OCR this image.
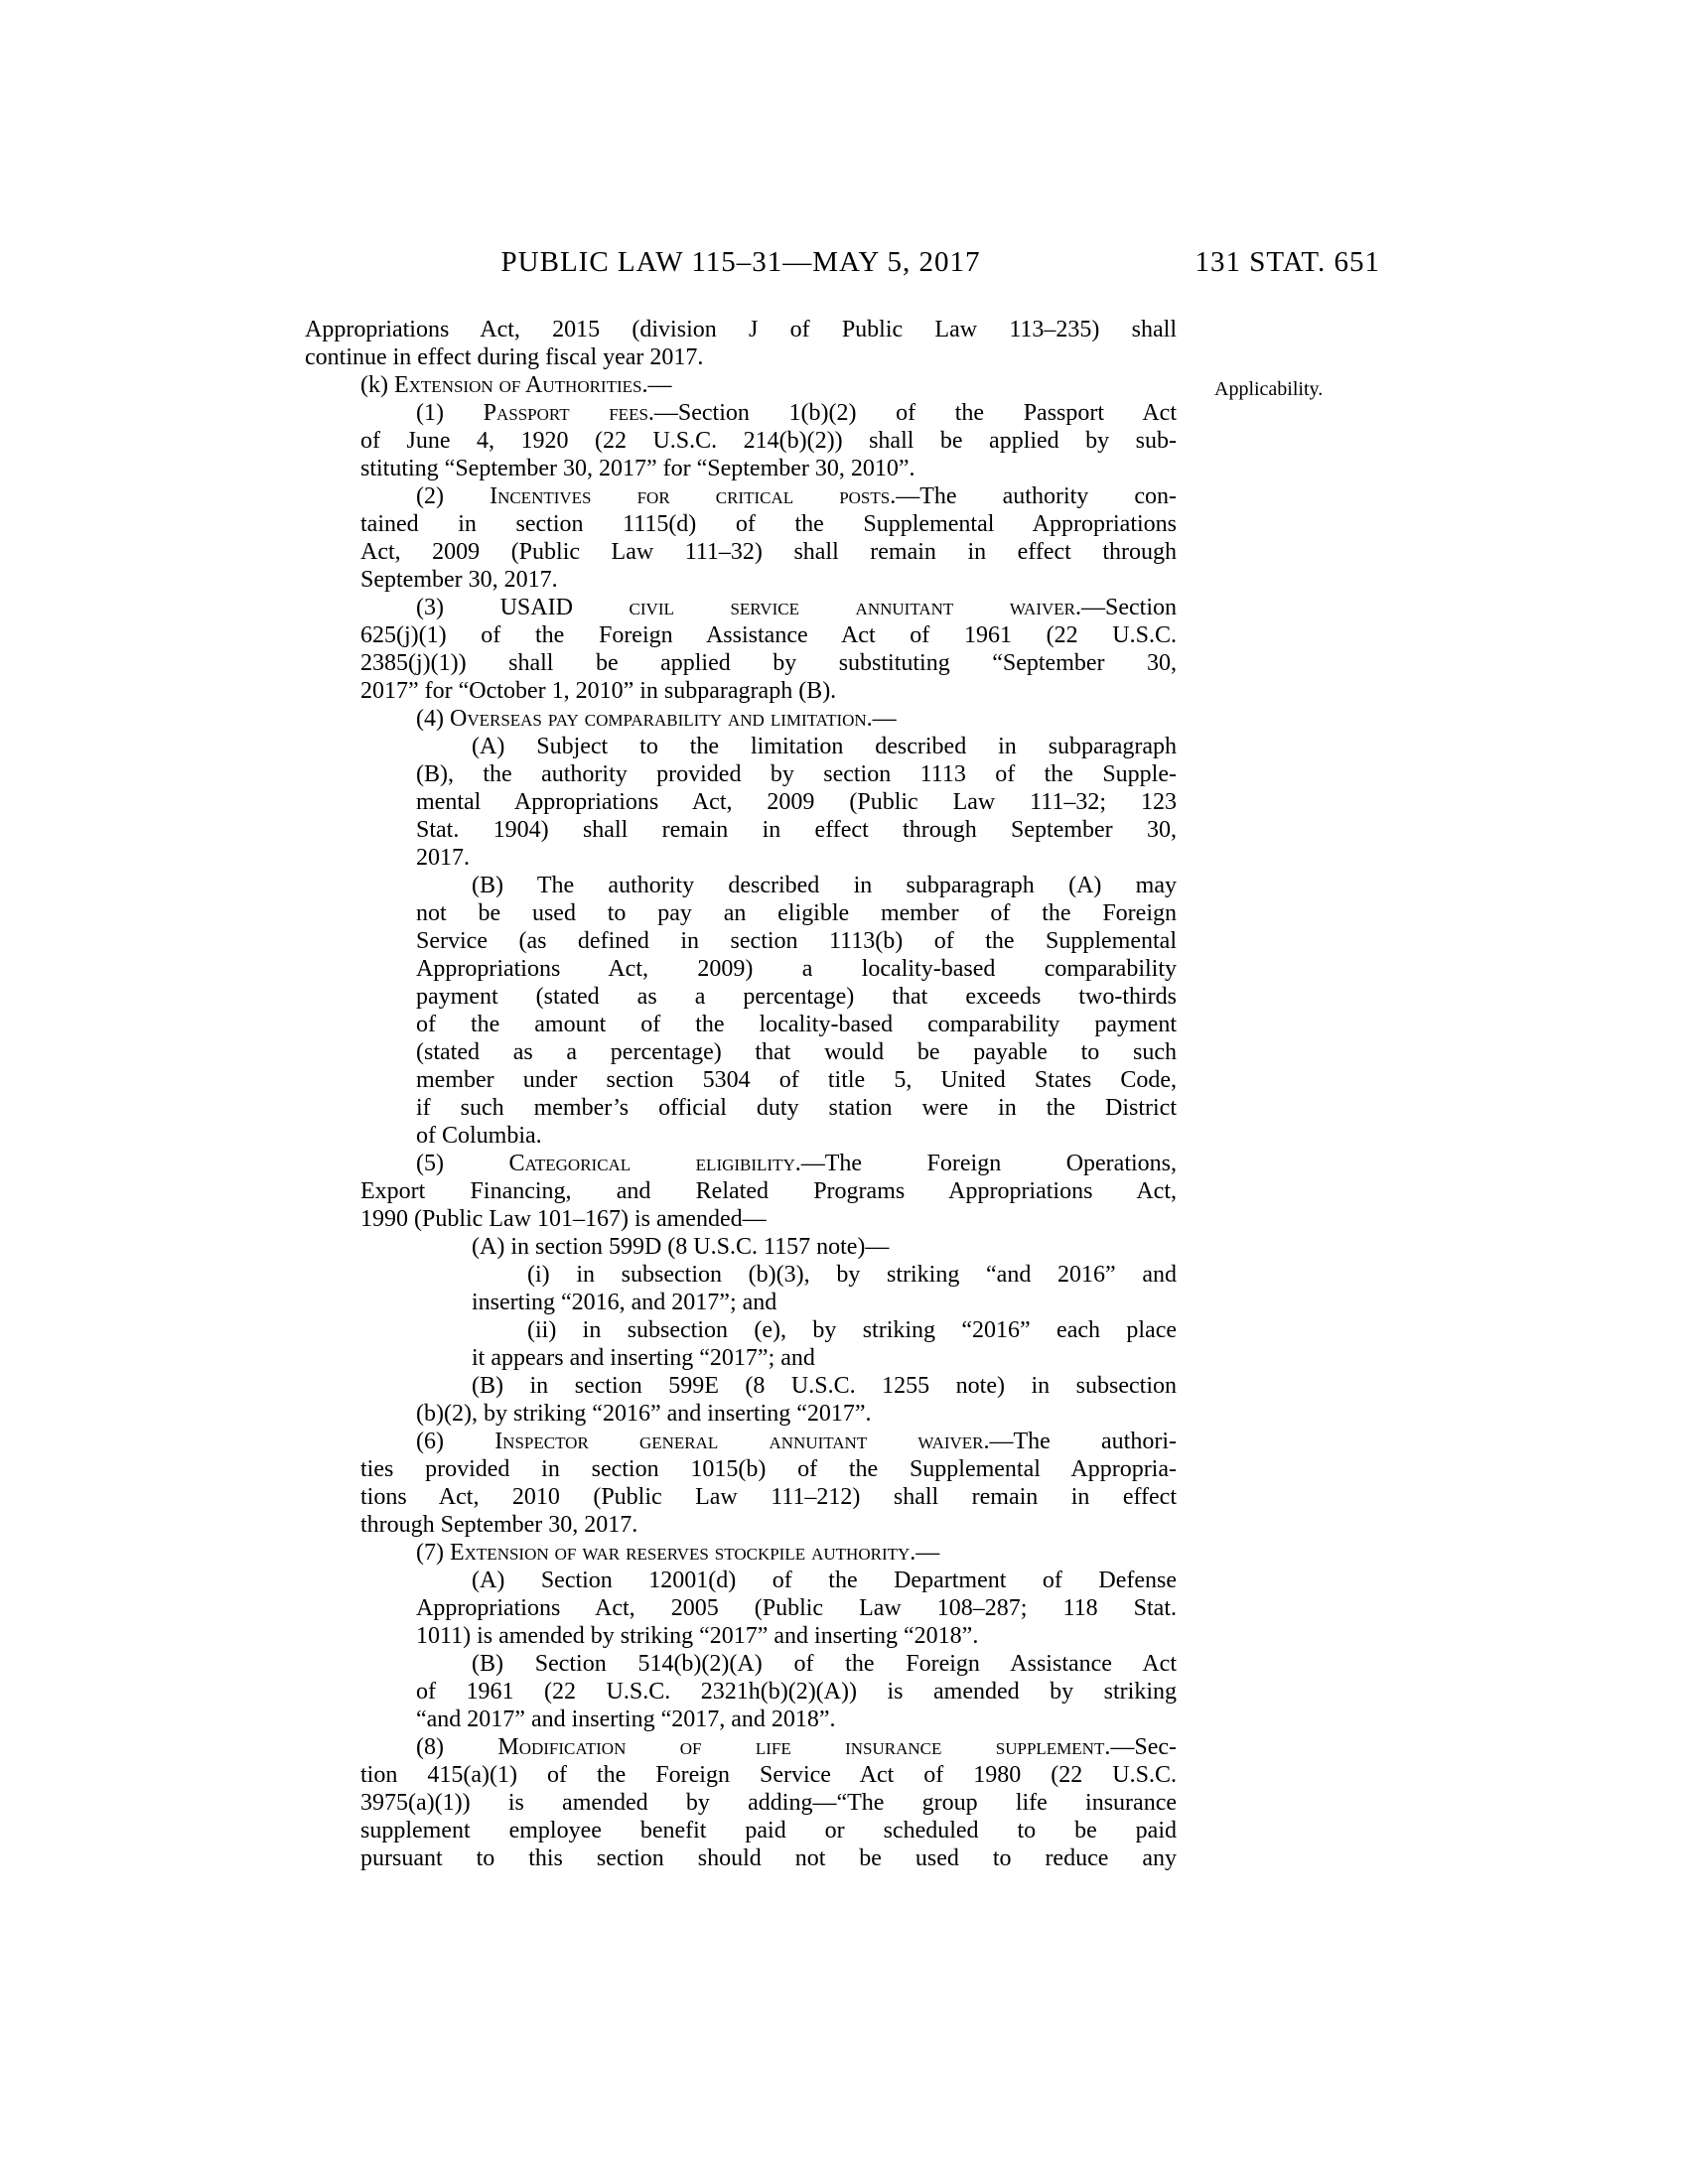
PUBLIC LAW 115–31—MAY 5, 2017	131 STAT. 651
Applicability.
Appropriations Act, 2015 (division J of Public Law 113–235) shall
continue in effect during fiscal year 2017.
(k) Extension of Authorities.—
(1) Passport fees.—Section 1(b)(2) of the Passport Act
of June 4, 1920 (22 U.S.C. 214(b)(2)) shall be applied by sub-
stituting “September 30, 2017” for “September 30, 2010”.
(2) Incentives for critical posts.—The authority con-
tained in section 1115(d) of the Supplemental Appropriations
Act, 2009 (Public Law 111–32) shall remain in effect through
September 30, 2017.
(3) USAID civil service annuitant waiver.—Section
625(j)(1) of the Foreign Assistance Act of 1961 (22 U.S.C.
2385(j)(1)) shall be applied by substituting “September 30,
2017” for “October 1, 2010” in subparagraph (B).
(4) Overseas pay comparability and limitation.—
(A) Subject to the limitation described in subparagraph
(B), the authority provided by section 1113 of the Supple-
mental Appropriations Act, 2009 (Public Law 111–32; 123
Stat. 1904) shall remain in effect through September 30,
2017.
(B) The authority described in subparagraph (A) may
not be used to pay an eligible member of the Foreign
Service (as defined in section 1113(b) of the Supplemental
Appropriations Act, 2009) a locality-based comparability
payment (stated as a percentage) that exceeds two-thirds
of the amount of the locality-based comparability payment
(stated as a percentage) that would be payable to such
member under section 5304 of title 5, United States Code,
if such member’s official duty station were in the District
of Columbia.
(5) Categorical eligibility.—The Foreign Operations,
Export Financing, and Related Programs Appropriations Act,
1990 (Public Law 101–167) is amended—
(A) in section 599D (8 U.S.C. 1157 note)—
(i) in subsection (b)(3), by striking “and 2016” and
inserting “2016, and 2017”; and
(ii) in subsection (e), by striking “2016” each place
it appears and inserting “2017”; and
(B) in section 599E (8 U.S.C. 1255 note) in subsection
(b)(2), by striking “2016” and inserting “2017”.
(6) Inspector general annuitant waiver.—The authori-
ties provided in section 1015(b) of the Supplemental Appropria-
tions Act, 2010 (Public Law 111–212) shall remain in effect
through September 30, 2017.
(7) Extension of war reserves stockpile authority.—
(A) Section 12001(d) of the Department of Defense
Appropriations Act, 2005 (Public Law 108–287; 118 Stat.
1011) is amended by striking “2017” and inserting “2018”.
(B) Section 514(b)(2)(A) of the Foreign Assistance Act
of 1961 (22 U.S.C. 2321h(b)(2)(A)) is amended by striking
“and 2017” and inserting “2017, and 2018”.
(8) Modification of life insurance supplement.—Sec-
tion 415(a)(1) of the Foreign Service Act of 1980 (22 U.S.C.
3975(a)(1)) is amended by adding—“The group life insurance
supplement employee benefit paid or scheduled to be paid
pursuant to this section should not be used to reduce any
